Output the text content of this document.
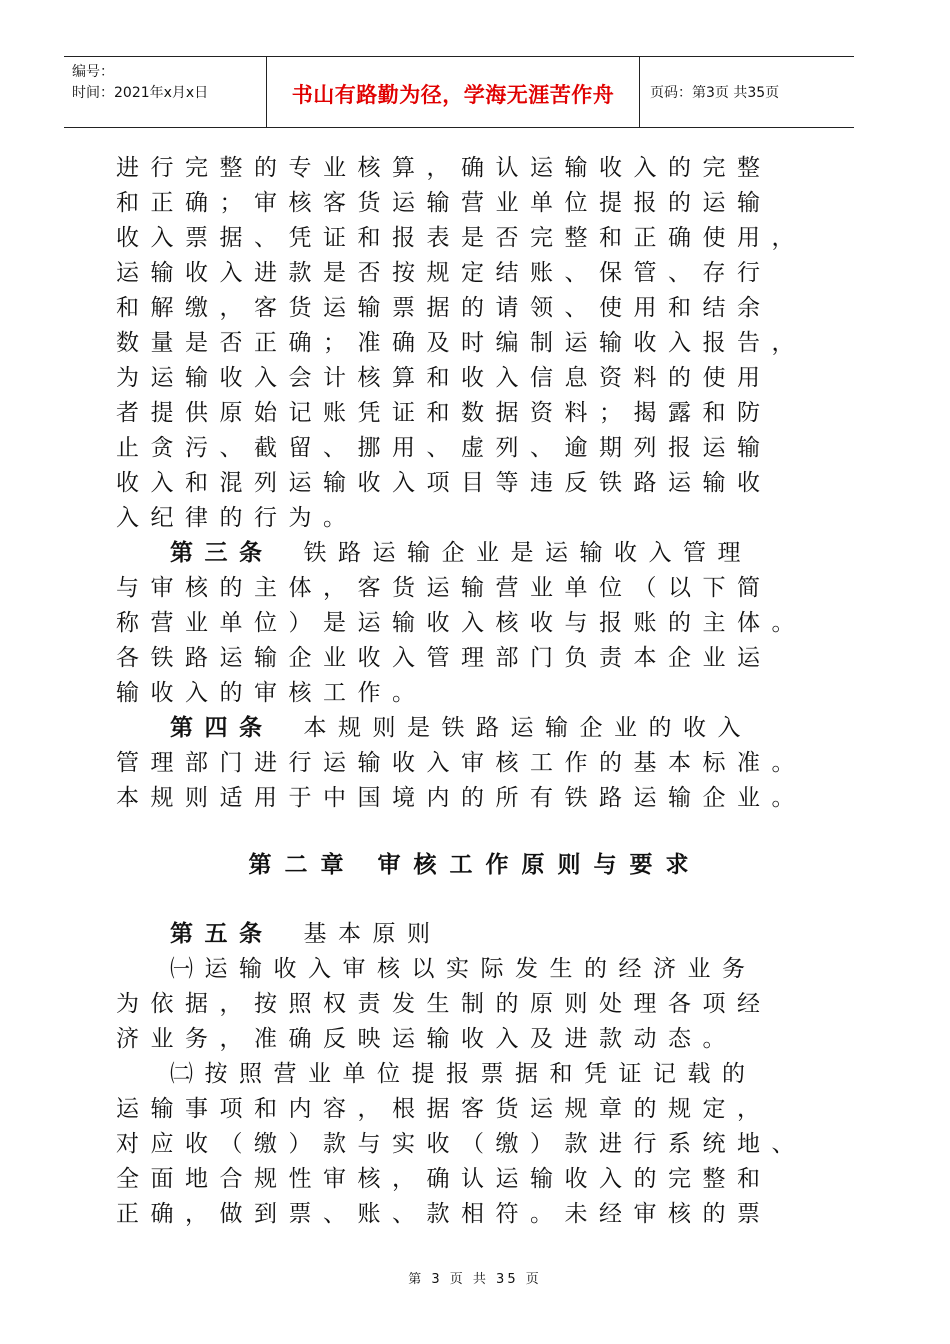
编号：
时间：2021年x月x日	书山有路勤为径，学海无涯苦作舟	页码：第3页 共35页
进行完整的专业核算，确认运输收入的完整
和正确；审核客货运输营业单位提报的运输
收入票据、凭证和报表是否完整和正确使用，
运输收入进款是否按规定结账、保管、存行
和解缴，客货运输票据的请领、使用和结余
数量是否正确；准确及时编制运输收入报告，
为运输收入会计核算和收入信息资料的使用
者提供原始记账凭证和数据资料；揭露和防
止贪污、截留、挪用、虚列、逾期列报运输
收入和混列运输收入项目等违反铁路运输收
入纪律的行为。
第三条 铁路运输企业是运输收入管理
与审核的主体，客货运输营业单位（以下简
称营业单位）是运输收入核收与报账的主体。
各铁路运输企业收入管理部门负责本企业运
输收入的审核工作。
第四条 本规则是铁路运输企业的收入
管理部门进行运输收入审核工作的基本标准。
本规则适用于中国境内的所有铁路运输企业。
第二章 审核工作原则与要求
第五条 基本原则
㈠运输收入审核以实际发生的经济业务
为依据，按照权责发生制的原则处理各项经
济业务，准确反映运输收入及进款动态。
㈡按照营业单位提报票据和凭证记载的
运输事项和内容，根据客货运规章的规定，
对应收（缴）款与实收（缴）款进行系统地、
全面地合规性审核，确认运输收入的完整和
正确，做到票、账、款相符。未经审核的票
第 3 页 共 35 页
